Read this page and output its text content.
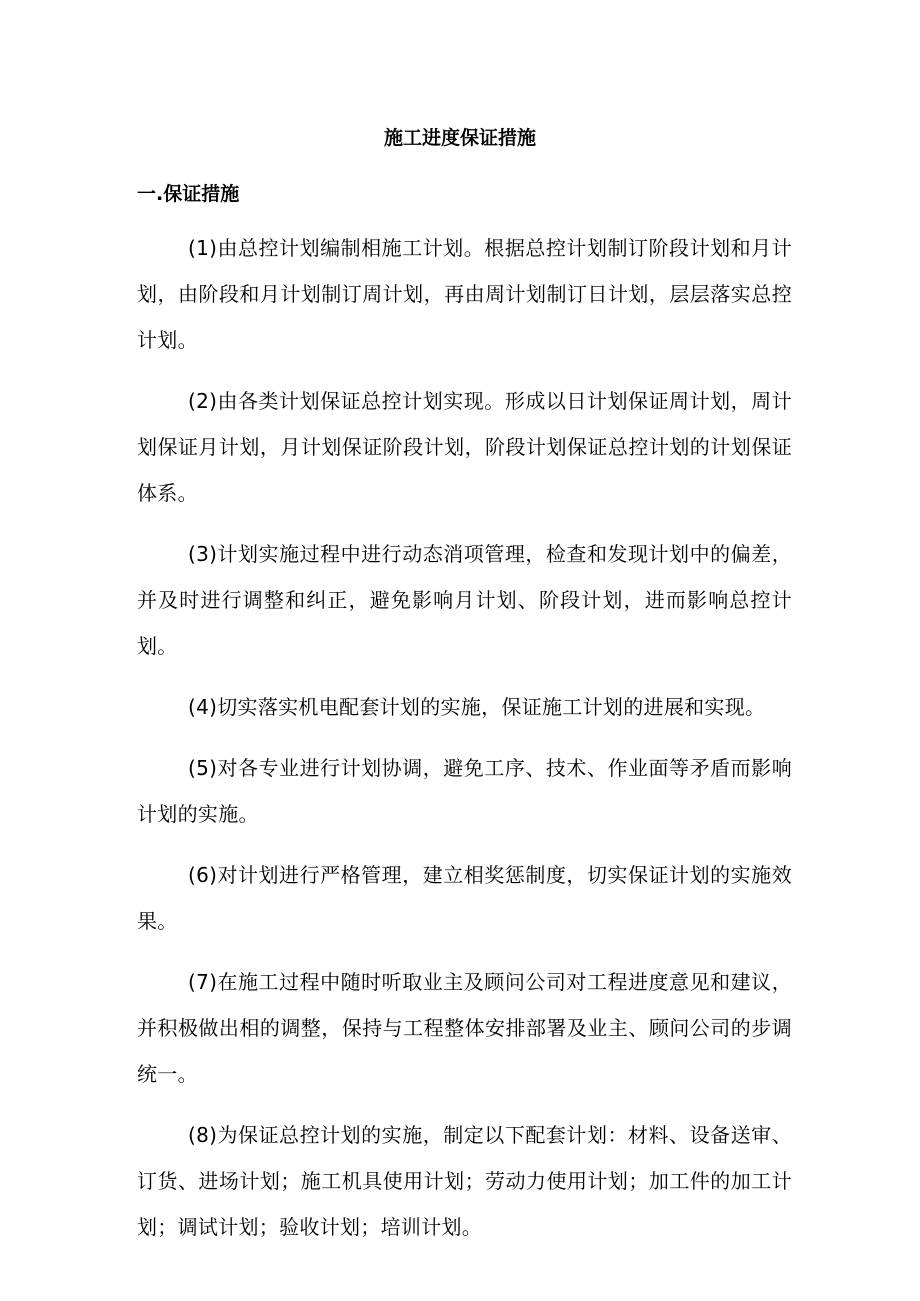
施工进度保证措施
一.保证措施

(1)由总控计划编制相施工计划。根据总控计划制订阶段计划和月计划，由阶段和月计划制订周计划，再由周计划制订日计划，层层落实总控计划。

(2)由各类计划保证总控计划实现。形成以日计划保证周计划，周计划保证月计划，月计划保证阶段计划，阶段计划保证总控计划的计划保证体系。

(3)计划实施过程中进行动态消项管理，检查和发现计划中的偏差，并及时进行调整和纠正，避免影响月计划、阶段计划，进而影响总控计划。

(4)切实落实机电配套计划的实施，保证施工计划的进展和实现。

(5)对各专业进行计划协调，避免工序、技术、作业面等矛盾而影响计划的实施。

(6)对计划进行严格管理，建立相奖惩制度，切实保证计划的实施效果。

(7)在施工过程中随时听取业主及顾问公司对工程进度意见和建议，并积极做出相的调整，保持与工程整体安排部署及业主、顾问公司的步调统一。

(8)为保证总控计划的实施，制定以下配套计划：材料、设备送审、订货、进场计划；施工机具使用计划；劳动力使用计划；加工件的加工计划；调试计划；验收计划；培训计划。
